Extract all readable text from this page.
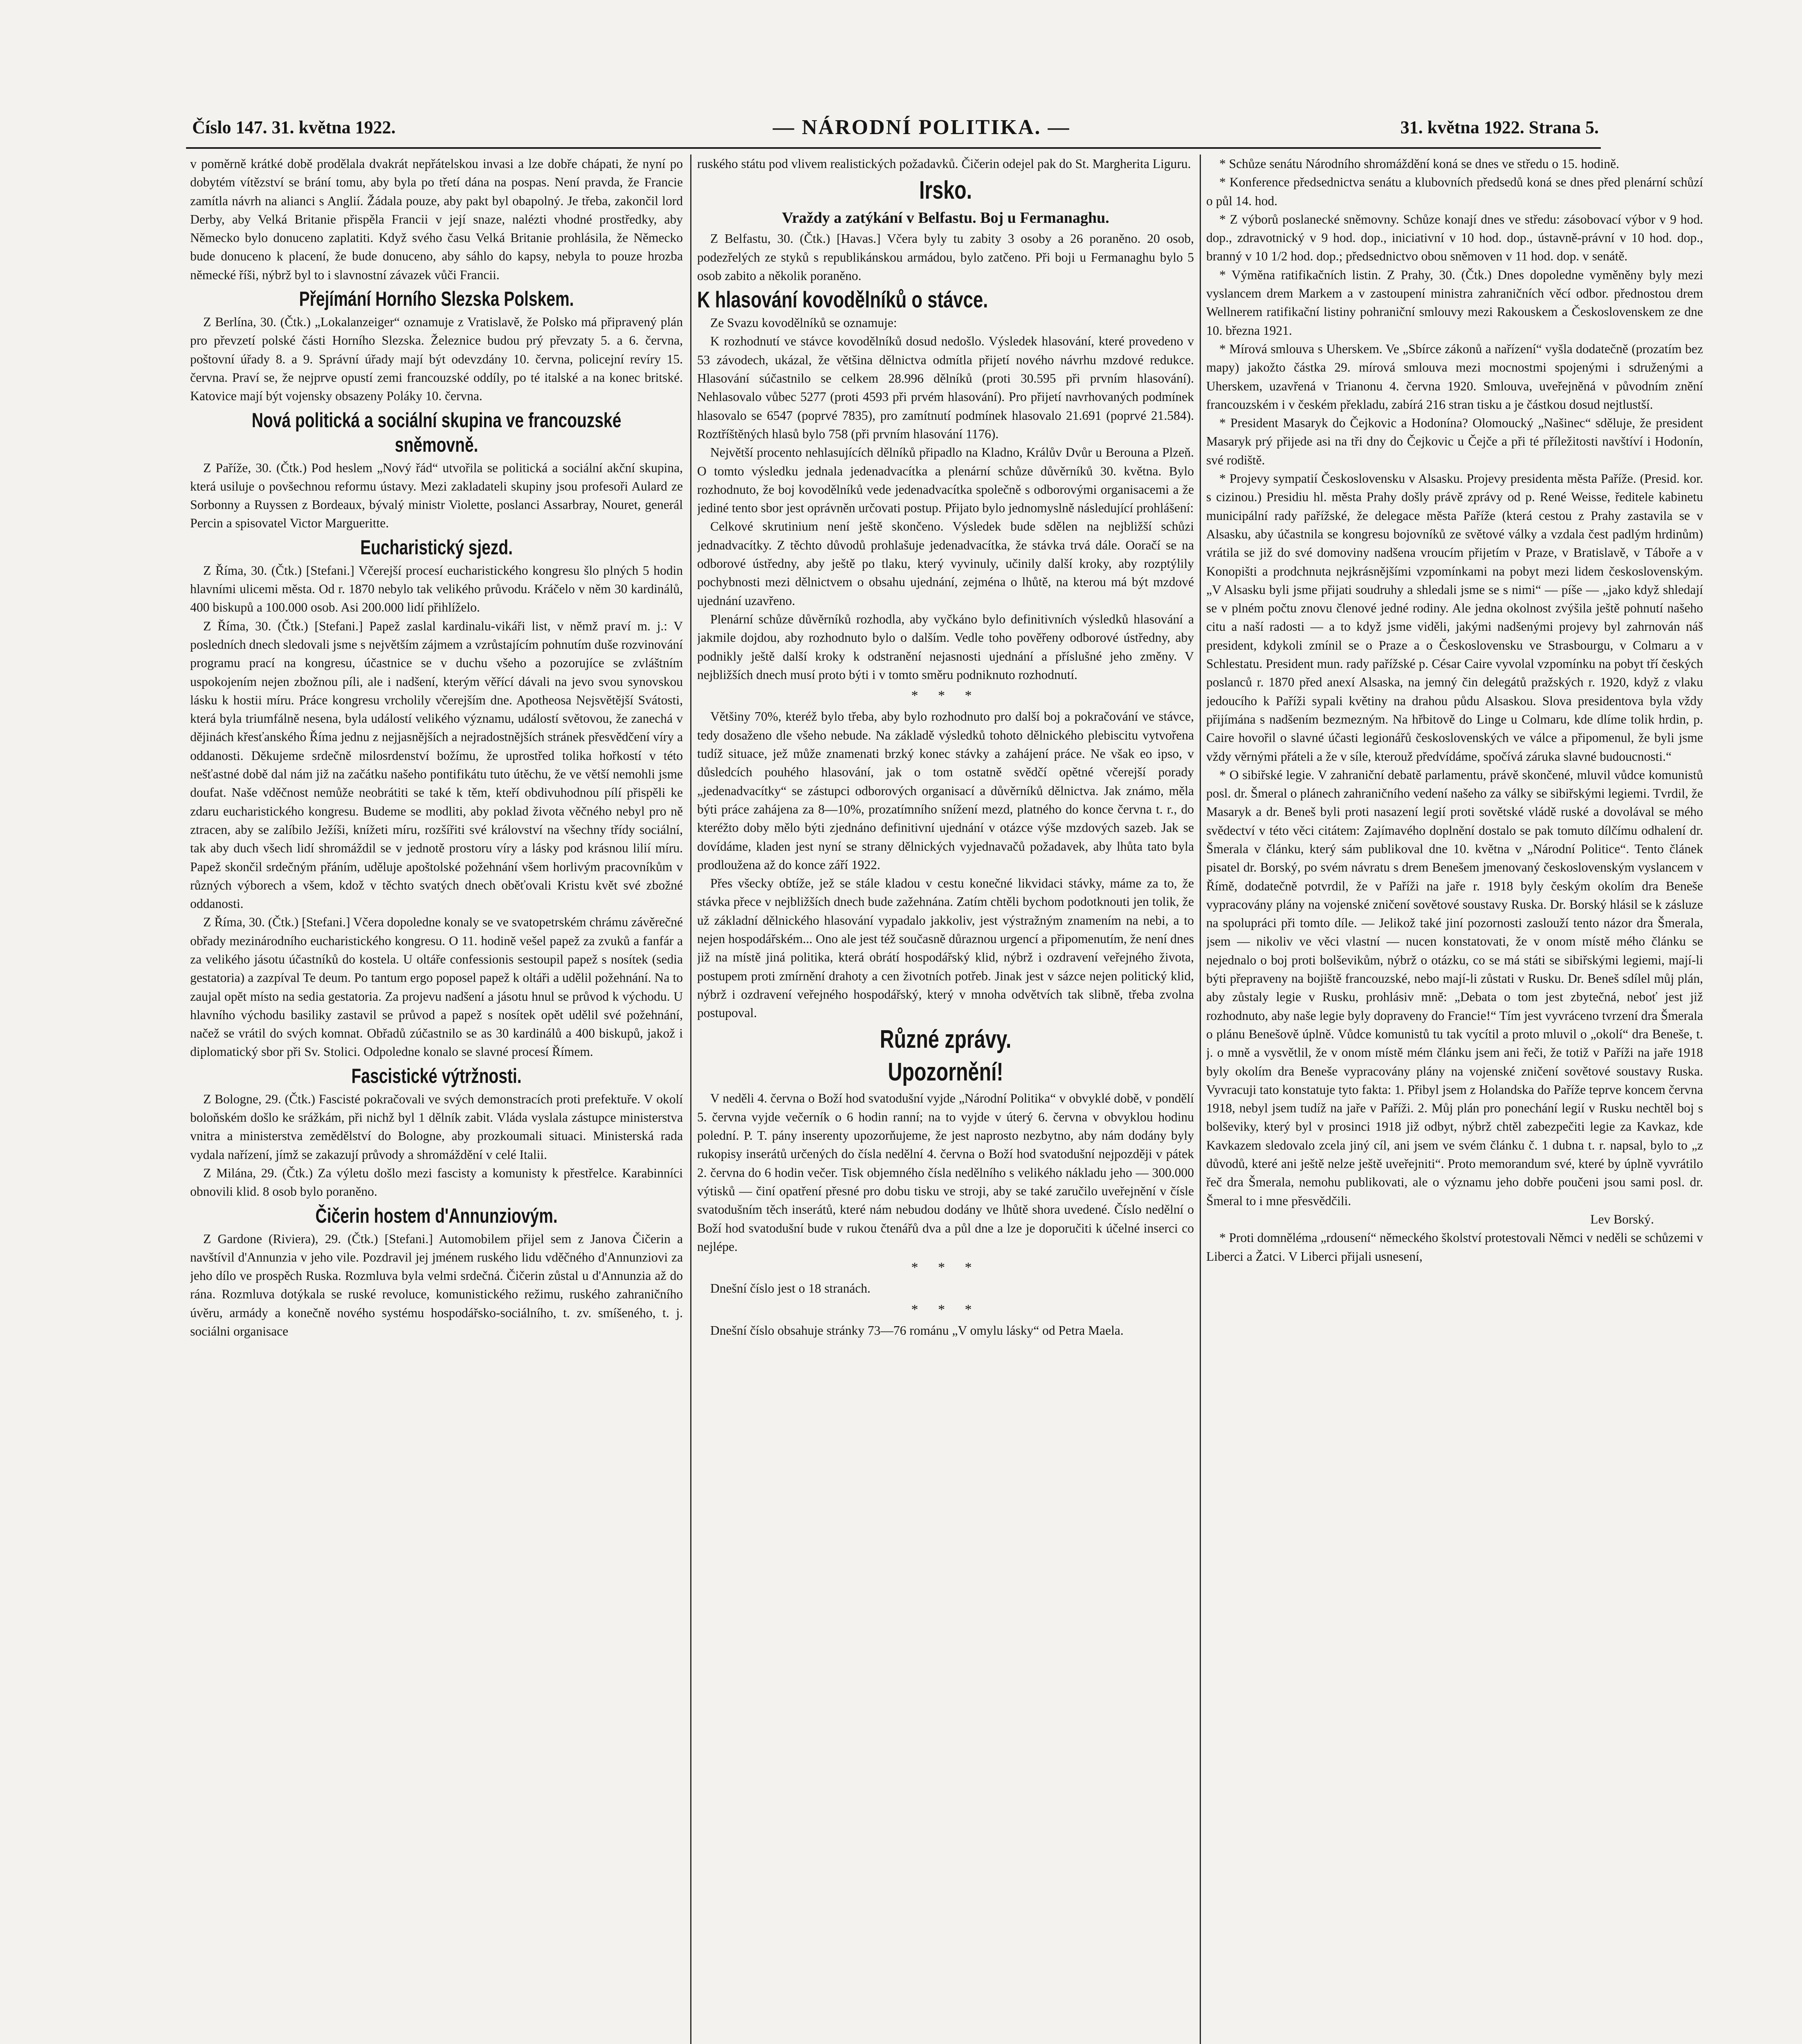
Číslo 147. 31. května 1922.	— NÁRODNÍ POLITIKA. —	31. května 1922. Strana 5.

v poměrně krátké době prodělala dvakrát nepřátelskou invasi a lze dobře chápati, že nyní po dobytém vítězství se brání tomu, aby byla po třetí dána na pospas. Není pravda, že Francie zamítla návrh na alianci s Anglií. Žádala pouze, aby pakt byl obapolný. Je třeba, zakončil lord Derby, aby Velká Britanie přispěla Francii v její snaze, nalézti vhodné prostředky, aby Německo bylo donuceno zaplatiti. Když svého času Velká Britanie prohlásila, že Německo bude donuceno k placení, že bude donuceno, aby sáhlo do kapsy, nebyla to pouze hrozba německé říši, nýbrž byl to i slavnostní závazek vůči Francii.

Přejímání Horního Slezska Polskem.

Z Berlína, 30. (Čtk.) „Lokalanzeiger“ oznamuje z Vratislavě, že Polsko má připravený plán pro převzetí polské části Horního Slezska. Železnice budou prý převzaty 5. a 6. června, poštovní úřady 8. a 9. Správní úřady mají být odevzdány 10. června, policejní revíry 15. června. Praví se, že nejprve opustí zemi francouzské oddíly, po té italské a na konec britské. Katovice mají být vojensky obsazeny Poláky 10. června.

Nová politická a sociální skupina ve francouzské sněmovně.

Z Paříže, 30. (Čtk.) Pod heslem „Nový řád“ utvořila se politická a sociální akční skupina, která usiluje o povšechnou reformu ústavy. Mezi zakladateli skupiny jsou profesoři Aulard ze Sorbonny a Ruyssen z Bordeaux, bývalý ministr Violette, poslanci Assarbray, Nouret, generál Percin a spisovatel Victor Margueritte.

Eucharistický sjezd.

Z Říma, 30. (Čtk.) [Stefani.] Včerejší procesí eucharistického kongresu šlo plných 5 hodin hlavními ulicemi města. Od r. 1870 nebylo tak velikého průvodu. Kráčelo v něm 30 kardinálů, 400 biskupů a 100.000 osob. Asi 200.000 lidí přihlíželo.

Z Říma, 30. (Čtk.) [Stefani.] Papež zaslal kardinalu-vikáři list, v němž praví m. j.: V posledních dnech sledovali jsme s největším zájmem a vzrůstajícím pohnutím duše rozvinování programu prací na kongresu, účastnice se v duchu všeho a pozorujíce se zvláštním uspokojením nejen zbožnou píli, ale i nadšení, kterým věřící dávali na jevo svou synovskou lásku k hostii míru. Práce kongresu vrcholily včerejším dne. Apotheosa Nejsvětější Svátosti, která byla triumfálně nesena, byla událostí velikého významu, událostí světovou, že zanechá v dějinách křesťanského Říma jednu z nejjasnějších a nejradostnějších stránek přesvědčení víry a oddanosti. Děkujeme srdečně milosrdenství božímu, že uprostřed tolika hořkostí v této nešťastné době dal nám již na začátku našeho pontifikátu tuto útěchu, že ve větší nemohli jsme doufat. Naše vděčnost nemůže neobrátiti se také k těm, kteří obdivuhodnou pílí přispěli ke zdaru eucharistického kongresu. Budeme se modliti, aby poklad života věčného nebyl pro ně ztracen, aby se zalíbilo Ježíši, knížeti míru, rozšířiti své království na všechny třídy sociální, tak aby duch všech lidí shromáždil se v jednotě prostoru víry a lásky pod krásnou lilií míru. Papež skončil srdečným přáním, uděluje apoštolské požehnání všem horlivým pracovníkům v různých výborech a všem, kdož v těchto svatých dnech oběťovali Kristu květ své zbožné oddanosti.

Z Říma, 30. (Čtk.) [Stefani.] Včera dopoledne konaly se ve svatopetrském chrámu závěrečné obřady mezinárodního eucharistického kongresu. O 11. hodině vešel papež za zvuků a fanfár a za velikého jásotu účastníků do kostela. U oltáře confessionis sestoupil papež s nosítek (sedia gestatoria) a zazpíval Te deum. Po tantum ergo poposel papež k oltáři a udělil požehnání. Na to zaujal opět místo na sedia gestatoria. Za projevu nadšení a jásotu hnul se průvod k východu. U hlavního východu basiliky zastavil se průvod a papež s nosítek opět udělil své požehnání, načež se vrátil do svých komnat. Obřadů zúčastnilo se as 30 kardinálů a 400 biskupů, jakož i diplomatický sbor při Sv. Stolici. Odpoledne konalo se slavné procesí Římem.

Fascistické výtržnosti.

Z Bologne, 29. (Čtk.) Fascisté pokračovali ve svých demonstracích proti prefektuře. V okolí boloňském došlo ke srážkám, při nichž byl 1 dělník zabit. Vláda vyslala zástupce ministerstva vnitra a ministerstva zemědělství do Bologne, aby prozkoumali situaci. Ministerská rada vydala nařízení, jímž se zakazují průvody a shromáždění v celé Italii.

Z Milána, 29. (Čtk.) Za výletu došlo mezi fascisty a komunisty k přestřelce. Karabinníci obnovili klid. 8 osob bylo poraněno.

Čičerin hostem d'Annunziovým.

Z Gardone (Riviera), 29. (Čtk.) [Stefani.] Automobilem přijel sem z Janova Čičerin a navštívil d'Annunzia v jeho vile. Pozdravil jej jménem ruského lidu vděčného d'Annunziovi za jeho dílo ve prospěch Ruska. Rozmluva byla velmi srdečná. Čičerin zůstal u d'Annunzia až do rána. Rozmluva dotýkala se ruské revoluce, komunistického režimu, ruského zahraničního úvěru, armády a konečně nového systému hospodářsko-sociálního, t. zv. smíšeného, t. j. sociálni organisace

ruského státu pod vlivem realistických požadavků. Čičerin odejel pak do St. Margherita Liguru.

Irsko.
Vraždy a zatýkání v Belfastu. Boj u Fermanaghu.

Z Belfastu, 30. (Čtk.) [Havas.] Včera byly tu zabity 3 osoby a 26 poraněno. 20 osob, podezřelých ze styků s republikánskou armádou, bylo zatčeno. Při boji u Fermanaghu bylo 5 osob zabito a několik poraněno.

K hlasování kovodělníků o stávce.

Ze Svazu kovodělníků se oznamuje:

K rozhodnutí ve stávce kovodělníků dosud nedošlo. Výsledek hlasování, které provedeno v 53 závodech, ukázal, že většina dělnictva odmítla přijetí nového návrhu mzdové redukce. Hlasování súčastnilo se celkem 28.996 dělníků (proti 30.595 při prvním hlasování). Nehlasovalo vůbec 5277 (proti 4593 při prvém hlasování). Pro přijetí navrhovaných podmínek hlasovalo se 6547 (poprvé 7835), pro zamítnutí podmínek hlasovalo 21.691 (poprvé 21.584). Roztříštěných hlasů bylo 758 (při prvním hlasování 1176).

Největší procento nehlasujících dělníků připadlo na Kladno, Králův Dvůr u Berouna a Plzeň. O tomto výsledku jednala jedenadvacítka a plenární schůze důvěrníků 30. května. Bylo rozhodnuto, že boj kovodělníků vede jedenadvacítka společně s odborovými organisacemi a že jediné tento sbor jest oprávněn určovati postup. Přijato bylo jednomyslně následující prohlášení:

Celkové skrutinium není ještě skončeno. Výsledek bude sdělen na nejbližší schůzi jednadvacítky. Z těchto důvodů prohlašuje jedenadvacítka, že stávka trvá dále. Ooračí se na odborové ústředny, aby ještě po tlaku, který vyvinuly, učinily další kroky, aby rozptýlily pochybnosti mezi dělnictvem o obsahu ujednání, zejména o lhůtě, na kterou má být mzdové ujednání uzavřeno.

Plenární schůze důvěrníků rozhodla, aby vyčkáno bylo definitivních výsledků hlasování a jakmile dojdou, aby rozhodnuto bylo o dalším. Vedle toho pověřeny odborové ústředny, aby podnikly ještě další kroky k odstranění nejasnosti ujednání a příslušné jeho změny. V nejbližších dnech musí proto býti i v tomto směru podniknuto rozhodnutí.

* * *

Většiny 70%, kteréž bylo třeba, aby bylo rozhodnuto pro další boj a pokračování ve stávce, tedy dosaženo dle všeho nebude. Na základě výsledků tohoto dělnického plebiscitu vytvořena tudíž situace, jež může znamenati brzký konec stávky a zahájení práce. Ne však eo ipso, v důsledcích pouhého hlasování, jak o tom ostatně svědčí opětné včerejší porady „jedenadvacítky“ se zástupci odborových organisací a důvěrníků dělnictva. Jak známo, měla býti práce zahájena za 8—10%, prozatímního snížení mezd, platného do konce června t. r., do kteréžto doby mělo býti zjednáno definitivní ujednání v otázce výše mzdových sazeb. Jak se dovídáme, kladen jest nyní se strany dělnických vyjednavačů požadavek, aby lhůta tato byla prodloužena až do konce září 1922.

Přes všecky obtíže, jež se stále kladou v cestu konečné likvidaci stávky, máme za to, že stávka přece v nejbližších dnech bude zažehnána. Zatím chtěli bychom podotknouti jen tolik, že už základní dělnického hlasování vypadalo jakkoliv, jest výstražným znamením na nebi, a to nejen hospodářském... Ono ale jest též současně důraznou urgencí a připomenutím, že není dnes již na místě jiná politika, která obrátí hospodářský klid, nýbrž i ozdravení veřejného života, postupem proti zmírnění drahoty a cen životních potřeb. Jinak jest v sázce nejen politický klid, nýbrž i ozdravení veřejného hospodářský, který v mnoha odvětvích tak slibně, třeba zvolna postupoval.

Různé zprávy.
Upozornění!

V neděli 4. června o Boží hod svatodušní vyjde „Národní Politika“ v obvyklé době, v pondělí 5. června vyjde večerník o 6 hodin ranní; na to vyjde v úterý 6. června v obvyklou hodinu polední. P. T. pány inserenty upozorňujeme, že jest naprosto nezbytno, aby nám dodány byly rukopisy inserátů určených do čísla nedělní 4. června o Boží hod svatodušní nejpozději v pátek 2. června do 6 hodin večer. Tisk objemného čísla nedělního s velikého nákladu jeho — 300.000 výtisků — činí opatření přesné pro dobu tisku ve stroji, aby se také zaručilo uveřejnění v čísle svatodušním těch inserátů, které nám nebudou dodány ve lhůtě shora uvedené. Číslo nedělní o Boží hod svatodušní bude v rukou čtenářů dva a půl dne a lze je doporučiti k účelné inserci co nejlépe.

* * *

Dnešní číslo jest o 18 stranách.

* * *

Dnešní číslo obsahuje stránky 73—76 románu „V omylu lásky“ od Petra Maela.

* Schůze senátu Národního shromáždění koná se dnes ve středu o 15. hodině.

* Konference předsednictva senátu a klubovních předsedů koná se dnes před plenární schůzí o půl 14. hod.

* Z výborů poslanecké sněmovny. Schůze konají dnes ve středu: zásobovací výbor v 9 hod. dop., zdravotnický v 9 hod. dop., iniciativní v 10 hod. dop., ústavně-právní v 10 hod. dop., branný v 10 1/2 hod. dop.; předsednictvo obou sněmoven v 11 hod. dop. v senátě.

* Výměna ratifikačních listin. Z Prahy, 30. (Čtk.) Dnes dopoledne vyměněny byly mezi vyslancem drem Markem a v zastoupení ministra zahraničních věcí odbor. přednostou drem Wellnerem ratifikační listiny pohraniční smlouvy mezi Rakouskem a Československem ze dne 10. března 1921.

* Mírová smlouva s Uherskem. Ve „Sbírce zákonů a nařízení“ vyšla dodatečně (prozatím bez mapy) jakožto částka 29. mírová smlouva mezi mocnostmi spojenými i sdruženými a Uherskem, uzavřená v Trianonu 4. června 1920. Smlouva, uveřejněná v původním znění francouzském i v českém překladu, zabírá 216 stran tisku a je částkou dosud nejtlustší.

* President Masaryk do Čejkovic a Hodonína? Olomoucký „Našinec“ sděluje, že president Masaryk prý přijede asi na tři dny do Čejkovic u Čejče a při té příležitosti navštíví i Hodonín, své rodiště.

* Projevy sympatií Československu v Alsasku. Projevy presidenta města Paříže. (Presid. kor. s cizinou.) Presidiu hl. města Prahy došly právě zprávy od p. René Weisse, ředitele kabinetu municipální rady pařížské, že delegace města Paříže (která cestou z Prahy zastavila se v Alsasku, aby účastnila se kongresu bojovníků ze světové války a vzdala čest padlým hrdinům) vrátila se již do své domoviny nadšena vroucím přijetím v Praze, v Bratislavě, v Táboře a v Konopišti a prodchnuta nejkrásnějšími vzpomínkami na pobyt mezi lidem československým. „V Alsasku byli jsme přijati soudruhy a shledali jsme se s nimi“ — píše — „jako když shledají se v plném počtu znovu členové jedné rodiny. Ale jedna okolnost zvýšila ještě pohnutí našeho citu a naší radosti — a to když jsme viděli, jakými nadšenými projevy byl zahrnován náš president, kdykoli zmínil se o Praze a o Československu ve Strasbourgu, v Colmaru a v Schlestatu. President mun. rady pařížské p. César Caire vyvolal vzpomínku na pobyt tří českých poslanců r. 1870 před anexí Alsaska, na jemný čin delegátů pražských r. 1920, když z vlaku jedoucího k Paříži sypali květiny na drahou půdu Alsaskou. Slova presidentova byla vždy přijímána s nadšením bezmezným. Na hřbitově do Linge u Colmaru, kde dlíme tolik hrdin, p. Caire hovořil o slavné účasti legionářů československých ve válce a připomenul, že byli jsme vždy věrnými přáteli a že v síle, kterouž předvídáme, spočívá záruka slavné budoucnosti.“

* O sibiřské legie. V zahraniční debatě parlamentu, právě skončené, mluvil vůdce komunistů posl. dr. Šmeral o plánech zahraničního vedení našeho za války se sibiřskými legiemi. Tvrdil, že Masaryk a dr. Beneš byli proti nasazení legií proti sovětské vládě ruské a dovolával se mého svědectví v této věci citátem: Zajímavého doplnění dostalo se pak tomuto dílčímu odhalení dr. Šmerala v článku, který sám publikoval dne 10. května v „Národní Politice“. Tento článek pisatel dr. Borský, po svém návratu s drem Benešem jmenovaný československým vyslancem v Římě, dodatečně potvrdil, že v Paříži na jaře r. 1918 byly českým okolím dra Beneše vypracovány plány na vojenské zničení sovětové soustavy Ruska. Dr. Borský hlásil se k zásluze na spolupráci při tomto díle. — Jelikož také jiní pozornosti zaslouží tento názor dra Šmerala, jsem — nikoliv ve věci vlastní — nucen konstatovati, že v onom místě mého článku se nejednalo o boj proti bolševikům, nýbrž o otázku, co se má státi se sibiřskými legiemi, mají-li býti přepraveny na bojiště francouzské, nebo mají-li zůstati v Rusku. Dr. Beneš sdílel můj plán, aby zůstaly legie v Rusku, prohlásiv mně: „Debata o tom jest zbytečná, neboť jest již rozhodnuto, aby naše legie byly dopraveny do Francie!“ Tím jest vyvráceno tvrzení dra Šmerala o plánu Benešově úplně. Vůdce komunistů tu tak vycítil a proto mluvil o „okolí“ dra Beneše, t. j. o mně a vysvětlil, že v onom místě mém článku jsem ani řeči, že totiž v Paříži na jaře 1918 byly okolím dra Beneše vypracovány plány na vojenské zničení sovětové soustavy Ruska. Vyvracuji tato konstatuje tyto fakta: 1. Přibyl jsem z Holandska do Paříže teprve koncem června 1918, nebyl jsem tudíž na jaře v Paříži. 2. Můj plán pro ponechání legií v Rusku nechtěl boj s bolševiky, který byl v prosinci 1918 již odbyt, nýbrž chtěl zabezpečiti legie za Kavkaz, kde Kavkazem sledovalo zcela jiný cíl, ani jsem ve svém článku č. 1 dubna t. r. napsal, bylo to „z důvodů, které ani ještě nelze ještě uveřejniti“. Proto memorandum své, které by úplně vyvrátilo řeč dra Šmerala, nemohu publikovati, ale o významu jeho dobře poučeni jsou sami posl. dr. Šmeral to i mne přesvědčili.

Lev Borský.

* Proti domněléma „rdousení“ německého školství protestovali Němci v neděli se schůzemi v Liberci a Žatci. V Liberci přijali usnesení,
